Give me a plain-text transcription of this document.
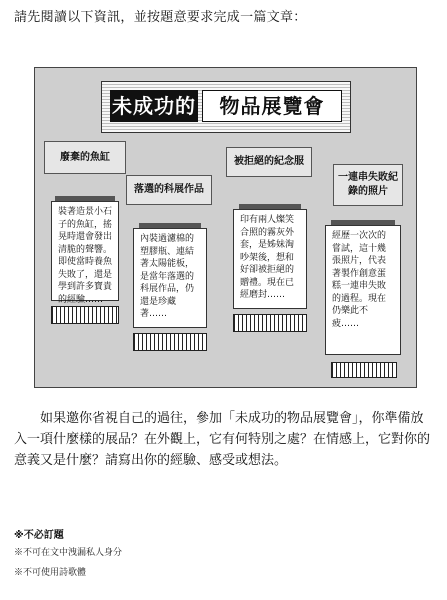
請先閱讀以下資訊，並按題意要求完成一篇文章：
未成功的	物品展覽會
廢棄的魚缸
裝著造景小石子的魚缸，搖晃時還會發出清脆的聲響。即使當時養魚失敗了，還是學到許多寶貴的經驗……
落選的科展作品
內裝過濾棉的塑膠瓶、連結著太陽能板，是當年落選的科展作品，仍還是珍藏著……
被拒絕的紀念服
印有兩人燦笑合照的霧灰外套，是姊妹淘吵架後，想和好卻被拒絕的贈禮。現在已經磨封……
一連串失敗紀錄的照片
經歷一次次的嘗試，這十幾張照片，代表著製作創意蛋糕一連串失敗的過程。現在仍樂此不疲……
如果邀你省視自己的過往，參加「未成功的物品展覽會」，你準備放入一項什麼樣的展品？在外觀上，它有何特別之處？在情感上，它對你的意義又是什麼？請寫出你的經驗、感受或想法。
※不必訂題
※不可在文中洩漏私人身分
※不可使用詩歌體
